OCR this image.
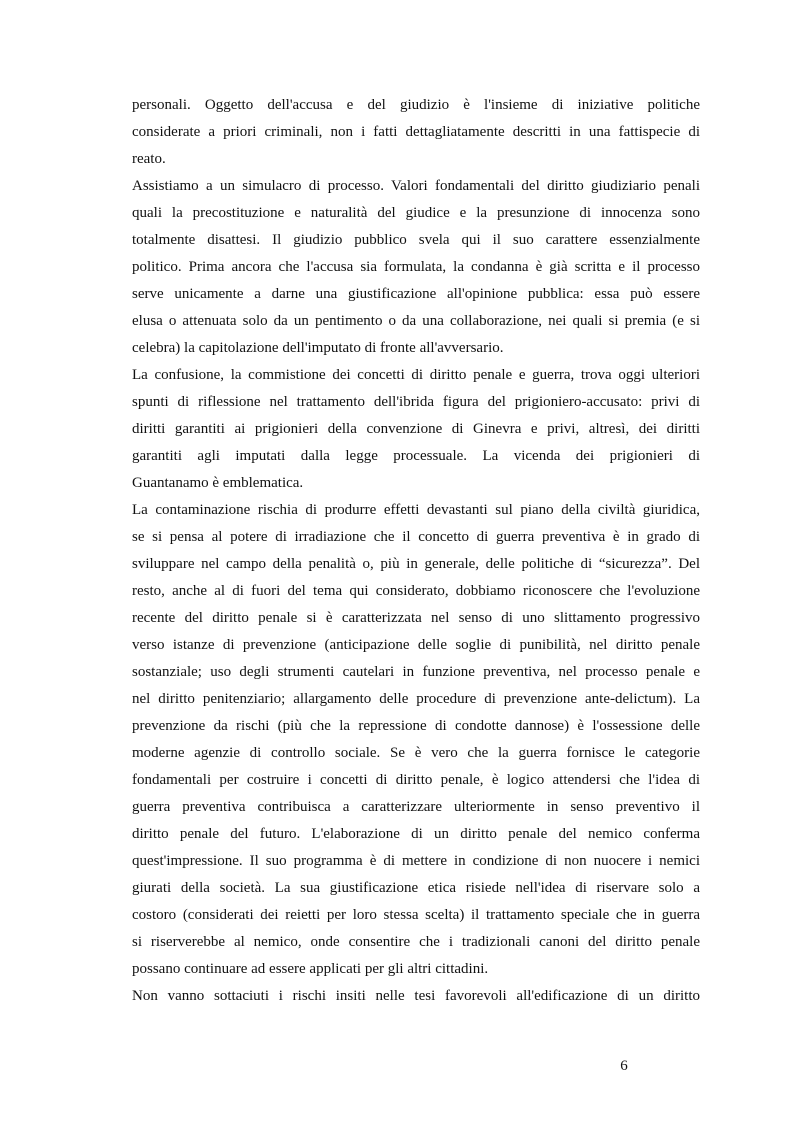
personali. Oggetto dell'accusa e del giudizio è l'insieme di iniziative politiche
considerate a priori criminali, non i fatti dettagliatamente descritti in una fattispecie di
reato.

Assistiamo a un simulacro di processo. Valori fondamentali del diritto giudiziario penali
quali la precostituzione e naturalità del giudice e la presunzione di innocenza sono
totalmente disattesi. Il giudizio pubblico svela qui il suo carattere essenzialmente
politico. Prima ancora che l'accusa sia formulata, la condanna è già scritta e il processo
serve unicamente a darne una giustificazione all'opinione pubblica: essa può essere
elusa o attenuata solo da un pentimento o da una collaborazione, nei quali si premia (e si
celebra) la capitolazione dell'imputato di fronte all'avversario.

La confusione, la commistione dei concetti di diritto penale e guerra, trova oggi ulteriori
spunti di riflessione nel trattamento dell'ibrida figura del prigioniero-accusato: privi di
diritti garantiti ai prigionieri della convenzione di Ginevra e privi, altresì, dei diritti
garantiti agli imputati dalla legge processuale. La vicenda dei prigionieri di
Guantanamo è emblematica.

La contaminazione rischia di produrre effetti devastanti sul piano della civiltà giuridica,
se si pensa al potere di irradiazione che il concetto di guerra preventiva è in grado di
sviluppare nel campo della penalità o, più in generale, delle politiche di “sicurezza”. Del
resto, anche al di fuori del tema qui considerato, dobbiamo riconoscere che l'evoluzione
recente del diritto penale si è caratterizzata nel senso di uno slittamento progressivo
verso istanze di prevenzione (anticipazione delle soglie di punibilità, nel diritto penale
sostanziale; uso degli strumenti cautelari in funzione preventiva, nel processo penale e
nel diritto penitenziario; allargamento delle procedure di prevenzione ante-delictum). La
prevenzione da rischi (più che la repressione di condotte dannose) è l'ossessione delle
moderne agenzie di controllo sociale. Se è vero che la guerra fornisce le categorie
fondamentali per costruire i concetti di diritto penale, è logico attendersi che l'idea di
guerra preventiva contribuisca a caratterizzare ulteriormente in senso preventivo il
diritto penale del futuro. L'elaborazione di un diritto penale del nemico conferma
quest'impressione. Il suo programma è di mettere in condizione di non nuocere i nemici
giurati della società. La sua giustificazione etica risiede nell'idea di riservare solo a
costoro (considerati dei reietti per loro stessa scelta) il trattamento speciale che in guerra
si riserverebbe al nemico, onde consentire che i tradizionali canoni del diritto penale
possano continuare ad essere applicati per gli altri cittadini.

Non vanno sottaciuti i rischi insiti nelle tesi favorevoli all'edificazione di un diritto

6
